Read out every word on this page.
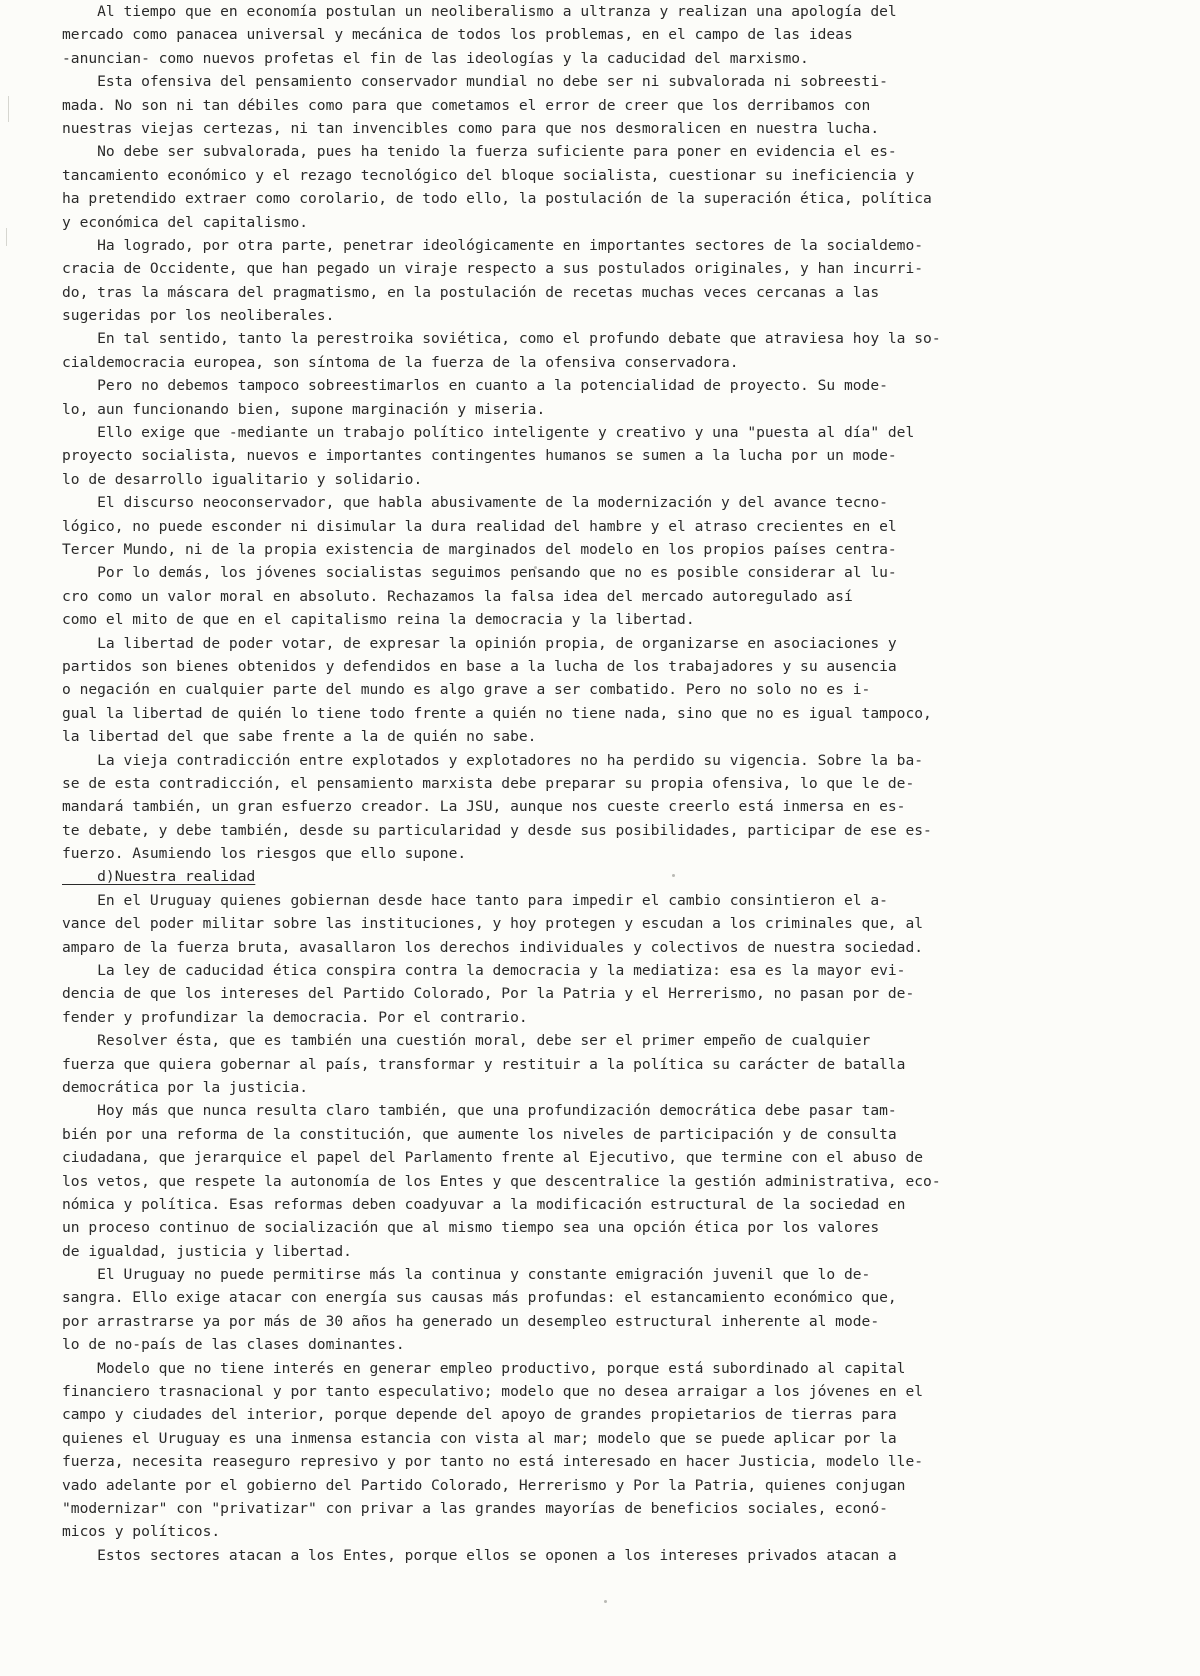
Al tiempo que en economía postulan un neoliberalismo a ultranza y realizan una apología del
mercado como panacea universal y mecánica de todos los problemas, en el campo de las ideas
-anuncian- como nuevos profetas el fin de las ideologías y la caducidad del marxismo.
Esta ofensiva del pensamiento conservador mundial no debe ser ni subvalorada ni sobreesti-
mada. No son ni tan débiles como para que cometamos el error de creer que los derribamos con
nuestras viejas certezas, ni tan invencibles como para que nos desmoralicen en nuestra lucha.
No debe ser subvalorada, pues ha tenido la fuerza suficiente para poner en evidencia el es-
tancamiento económico y el rezago tecnológico del bloque socialista, cuestionar su ineficiencia y
ha pretendido extraer como corolario, de todo ello, la postulación de la superación ética, política
y económica del capitalismo.
Ha logrado, por otra parte, penetrar ideológicamente en importantes sectores de la socialdemo-
cracia de Occidente, que han pegado un viraje respecto a sus postulados originales, y han incurri-
do, tras la máscara del pragmatismo, en la postulación de recetas muchas veces cercanas a las
sugeridas por los neoliberales.
En tal sentido, tanto la perestroika soviética, como el profundo debate que atraviesa hoy la so-
cialdemocracia europea, son síntoma de la fuerza de la ofensiva conservadora.
Pero no debemos tampoco sobreestimarlos en cuanto a la potencialidad de proyecto. Su mode-
lo, aun funcionando bien, supone marginación y miseria.
Ello exige que -mediante un trabajo político inteligente y creativo y una "puesta al día" del
proyecto socialista, nuevos e importantes contingentes humanos se sumen a la lucha por un mode-
lo de desarrollo igualitario y solidario.
El discurso neoconservador, que habla abusivamente de la modernización y del avance tecno-
lógico, no puede esconder ni disimular la dura realidad del hambre y el atraso crecientes en el
Tercer Mundo, ni de la propia existencia de marginados del modelo en los propios países centra-
Por lo demás, los jóvenes socialistas seguimos pensando que no es posible considerar al lu-
cro como un valor moral en absoluto. Rechazamos la falsa idea del mercado autoregulado así
como el mito de que en el capitalismo reina la democracia y la libertad.
La libertad de poder votar, de expresar la opinión propia, de organizarse en asociaciones y
partidos son bienes obtenidos y defendidos en base a la lucha de los trabajadores y su ausencia
o negación en cualquier parte del mundo es algo grave a ser combatido. Pero no solo no es i-
gual la libertad de quién lo tiene todo frente a quién no tiene nada, sino que no es igual tampoco,
la libertad del que sabe frente a la de quién no sabe.
La vieja contradicción entre explotados y explotadores no ha perdido su vigencia. Sobre la ba-
se de esta contradicción, el pensamiento marxista debe preparar su propia ofensiva, lo que le de-
mandará también, un gran esfuerzo creador. La JSU, aunque nos cueste creerlo está inmersa en es-
te debate, y debe también, desde su particularidad y desde sus posibilidades, participar de ese es-
fuerzo. Asumiendo los riesgos que ello supone.
d)Nuestra realidad
En el Uruguay quienes gobiernan desde hace tanto para impedir el cambio consintieron el a-
vance del poder militar sobre las instituciones, y hoy protegen y escudan a los criminales que, al
amparo de la fuerza bruta, avasallaron los derechos individuales y colectivos de nuestra sociedad.
La ley de caducidad ética conspira contra la democracia y la mediatiza: esa es la mayor evi-
dencia de que los intereses del Partido Colorado, Por la Patria y el Herrerismo, no pasan por de-
fender y profundizar la democracia. Por el contrario.
Resolver ésta, que es también una cuestión moral, debe ser el primer empeño de cualquier
fuerza que quiera gobernar al país, transformar y restituir a la política su carácter de batalla
democrática por la justicia.
Hoy más que nunca resulta claro también, que una profundización democrática debe pasar tam-
bién por una reforma de la constitución, que aumente los niveles de participación y de consulta
ciudadana, que jerarquice el papel del Parlamento frente al Ejecutivo, que termine con el abuso de
los vetos, que respete la autonomía de los Entes y que descentralice la gestión administrativa, eco-
nómica y política. Esas reformas deben coadyuvar a la modificación estructural de la sociedad en
un proceso continuo de socialización que al mismo tiempo sea una opción ética por los valores
de igualdad, justicia y libertad.
El Uruguay no puede permitirse más la continua y constante emigración juvenil que lo de-
sangra. Ello exige atacar con energía sus causas más profundas: el estancamiento económico que,
por arrastrarse ya por más de 30 años ha generado un desempleo estructural inherente al mode-
lo de no-país de las clases dominantes.
Modelo que no tiene interés en generar empleo productivo, porque está subordinado al capital
financiero trasnacional y por tanto especulativo; modelo que no desea arraigar a los jóvenes en el
campo y ciudades del interior, porque depende del apoyo de grandes propietarios de tierras para
quienes el Uruguay es una inmensa estancia con vista al mar; modelo que se puede aplicar por la
fuerza, necesita reaseguro represivo y por tanto no está interesado en hacer Justicia, modelo lle-
vado adelante por el gobierno del Partido Colorado, Herrerismo y Por la Patria, quienes conjugan
"modernizar" con "privatizar" con privar a las grandes mayorías de beneficios sociales, econó-
micos y políticos.
Estos sectores atacan a los Entes, porque ellos se oponen a los intereses privados atacan a
